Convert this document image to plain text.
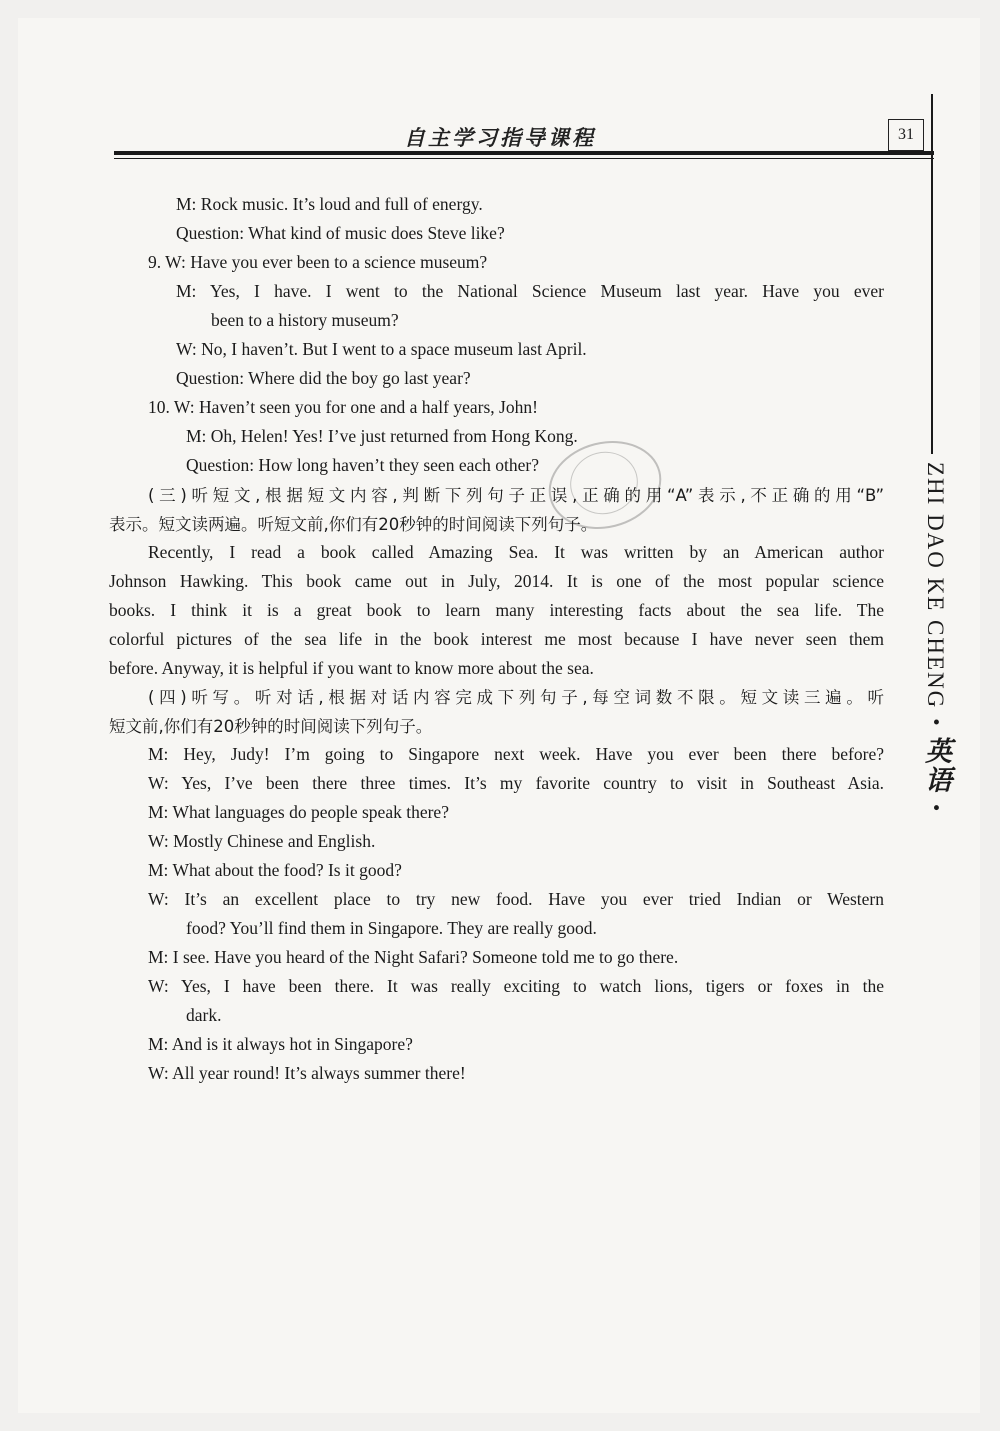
自主学习指导课程	31
ZHI DAO KE CHENG • 英语 •
M: Rock music. It’s loud and full of energy.
Question: What kind of music does Steve like?
9. W: Have you ever been to a science museum?
M: Yes, I have. I went to the National Science Museum last year. Have you ever
been to a history museum?
W: No, I haven’t. But I went to a space museum last April.
Question: Where did the boy go last year?
10. W: Haven’t seen you for one and a half years, John!
M: Oh, Helen! Yes! I’ve just returned from Hong Kong.
Question: How long haven’t they seen each other?
(三)听短文,根据短文内容,判断下列句子正误,正确的用“A”表示,不正确的用“B”
表示。短文读两遍。听短文前,你们有20秒钟的时间阅读下列句子。
Recently, I read a book called Amazing Sea. It was written by an American author
Johnson Hawking. This book came out in July, 2014. It is one of the most popular science
books. I think it is a great book to learn many interesting facts about the sea life. The
colorful pictures of the sea life in the book interest me most because I have never seen them
before. Anyway, it is helpful if you want to know more about the sea.
(四)听写。听对话,根据对话内容完成下列句子,每空词数不限。短文读三遍。听
短文前,你们有20秒钟的时间阅读下列句子。
M: Hey, Judy! I’m going to Singapore next week. Have you ever been there before?
W: Yes, I’ve been there three times. It’s my favorite country to visit in Southeast Asia.
M: What languages do people speak there?
W: Mostly Chinese and English.
M: What about the food? Is it good?
W: It’s an excellent place to try new food. Have you ever tried Indian or Western
food? You’ll find them in Singapore. They are really good.
M: I see. Have you heard of the Night Safari? Someone told me to go there.
W: Yes, I have been there. It was really exciting to watch lions, tigers or foxes in the
dark.
M: And is it always hot in Singapore?
W: All year round! It’s always summer there!
